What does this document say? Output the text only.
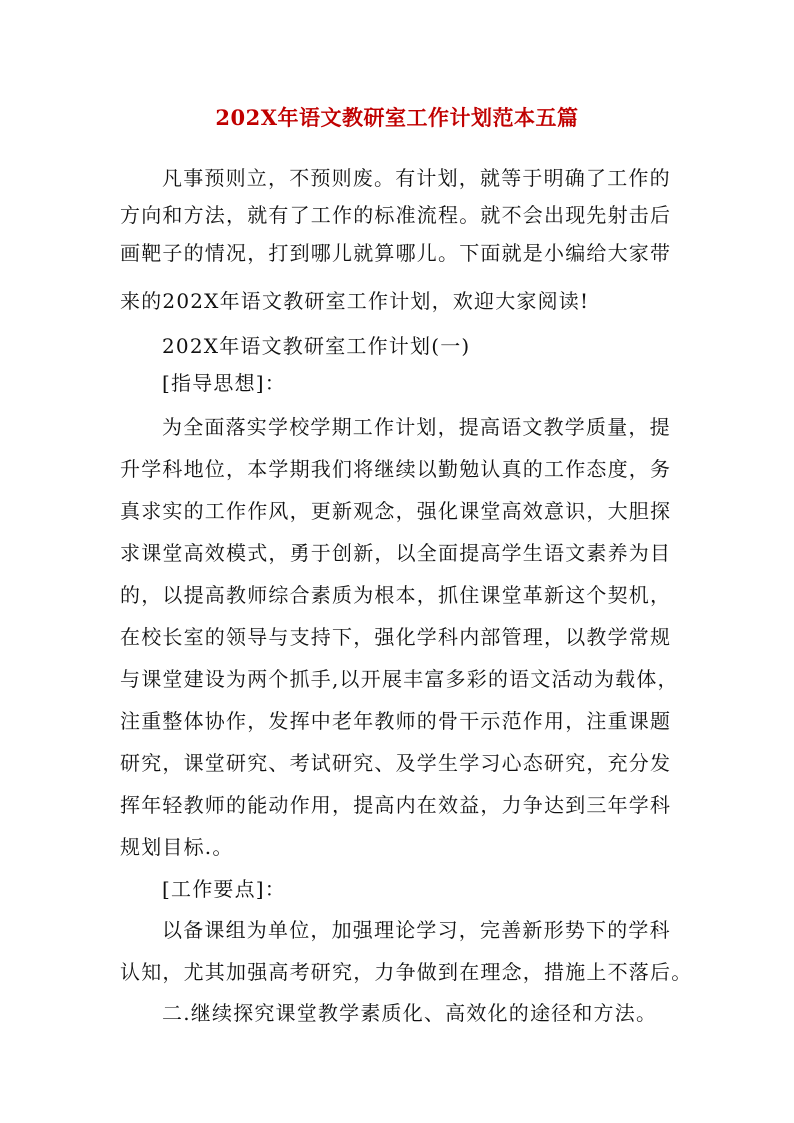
202X年语文教研室工作计划范本五篇
凡事预则立，不预则废。有计划，就等于明确了工作的
方向和方法，就有了工作的标准流程。就不会出现先射击后
画靶子的情况，打到哪儿就算哪儿。下面就是小编给大家带
来的202X年语文教研室工作计划，欢迎大家阅读!
202X年语文教研室工作计划(一)
[指导思想]：
为全面落实学校学期工作计划，提高语文教学质量，提
升学科地位，本学期我们将继续以勤勉认真的工作态度，务
真求实的工作作风，更新观念，强化课堂高效意识，大胆探
求课堂高效模式，勇于创新，以全面提高学生语文素养为目
的，以提高教师综合素质为根本，抓住课堂革新这个契机，
在校长室的领导与支持下，强化学科内部管理，以教学常规
与课堂建设为两个抓手,以开展丰富多彩的语文活动为载体，
注重整体协作，发挥中老年教师的骨干示范作用，注重课题
研究，课堂研究、考试研究、及学生学习心态研究，充分发
挥年轻教师的能动作用，提高内在效益，力争达到三年学科
规划目标.。
[工作要点]：
以备课组为单位，加强理论学习，完善新形势下的学科
认知，尤其加强高考研究，力争做到在理念，措施上不落后。
二.继续探究课堂教学素质化、高效化的途径和方法。
